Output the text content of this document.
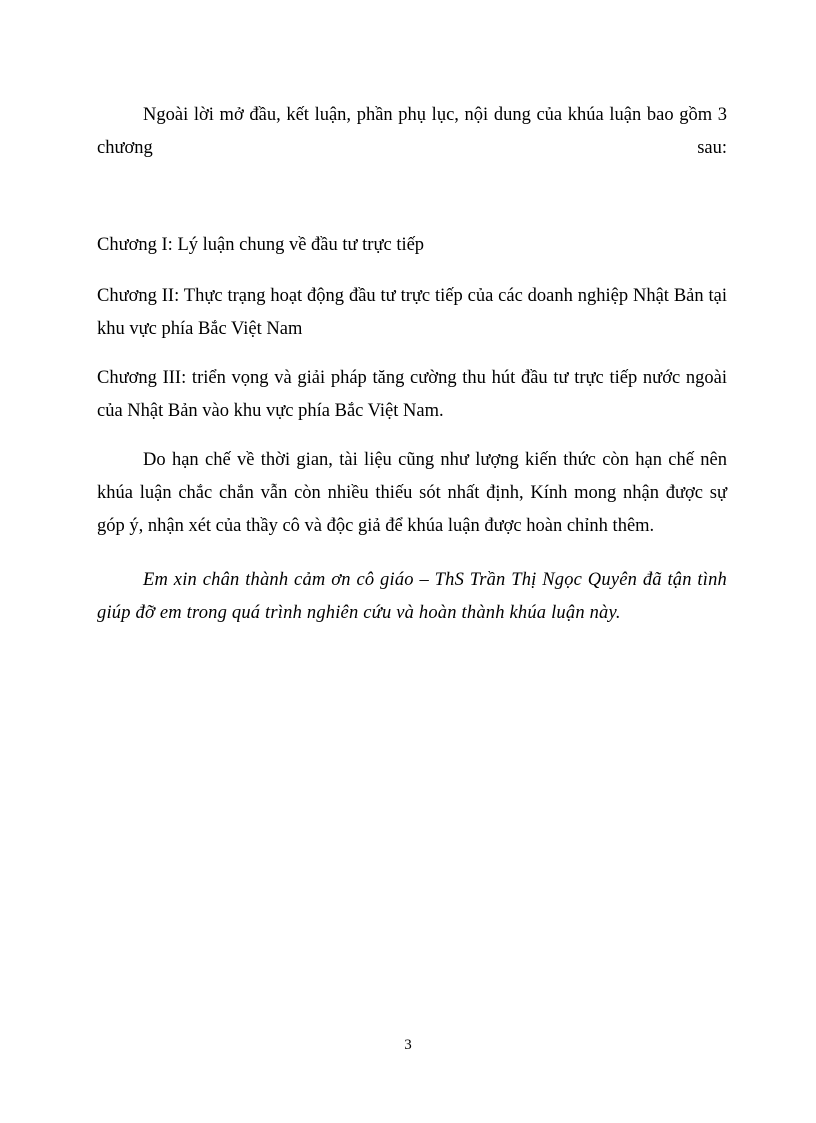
Ngoài lời mở đầu, kết luận, phần phụ lục, nội dung của khúa luận bao gồm 3 chương sau:

Chương I: Lý luận chung về đầu tư trực tiếp

Chương II: Thực trạng hoạt động đầu tư trực tiếp của các doanh nghiệp Nhật Bản tại khu vực phía Bắc Việt Nam

Chương III: triển vọng và giải pháp tăng cường thu hút đầu tư trực tiếp nước ngoài của Nhật Bản vào khu vực phía Bắc Việt Nam.

Do hạn chế về thời gian, tài liệu cũng như lượng kiến thức còn hạn chế nên khúa luận chắc chắn vẫn còn nhiều thiếu sót nhất định, Kính mong nhận được sự góp ý, nhận xét của thầy cô và độc giả để khúa luận được hoàn chỉnh thêm.

Em xin chân thành cảm ơn cô giáo – ThS Trần Thị Ngọc Quyên đã tận tình giúp đỡ em trong quá trình nghiên cứu và hoàn thành khúa luận này.

3
